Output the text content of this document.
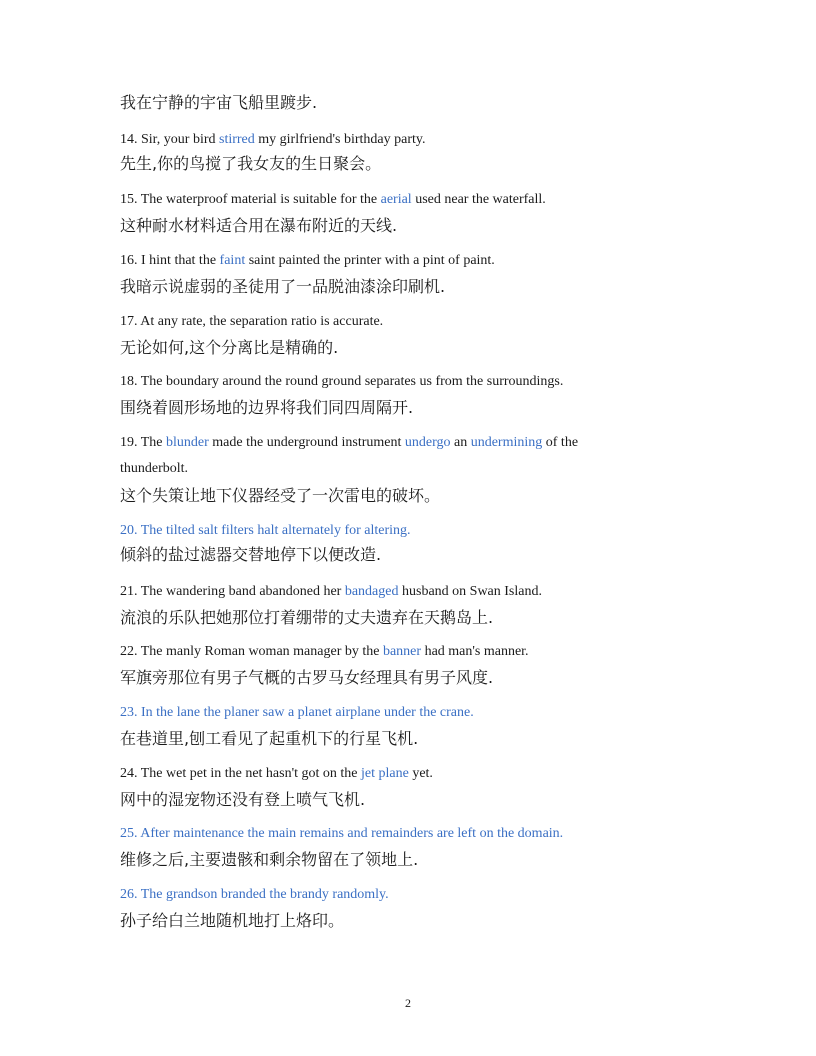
我在宁静的宇宙飞船里踱步.
14. Sir, your bird stirred my girlfriend's birthday party.
先生,你的鸟搅了我女友的生日聚会。
15. The waterproof material is suitable for the aerial used near the waterfall.
这种耐水材料适合用在瀑布附近的天线.
16. I hint that the faint saint painted the printer with a pint of paint.
我暗示说虚弱的圣徒用了一品脱油漆涂印刷机.
17. At any rate, the separation ratio is accurate.
无论如何,这个分离比是精确的.
18. The boundary around the round ground separates us from the surroundings.
围绕着圆形场地的边界将我们同四周隔开.
19. The blunder made the underground instrument undergo an undermining of the
thunderbolt.
这个失策让地下仪器经受了一次雷电的破坏。
20. The tilted salt filters halt alternately for altering.
倾斜的盐过滤器交替地停下以便改造.
21. The wandering band abandoned her bandaged husband on Swan Island.
流浪的乐队把她那位打着绷带的丈夫遗弃在天鹅岛上.
22. The manly Roman woman manager by the banner had man's manner.
军旗旁那位有男子气概的古罗马女经理具有男子风度.
23. In the lane the planer saw a planet airplane under the crane.
在巷道里,刨工看见了起重机下的行星飞机.
24. The wet pet in the net hasn't got on the jet plane yet.
网中的湿宠物还没有登上喷气飞机.
25. After maintenance the main remains and remainders are left on the domain.
维修之后,主要遗骸和剩余物留在了领地上.
26. The grandson branded the brandy randomly.
孙子给白兰地随机地打上烙印。
2
